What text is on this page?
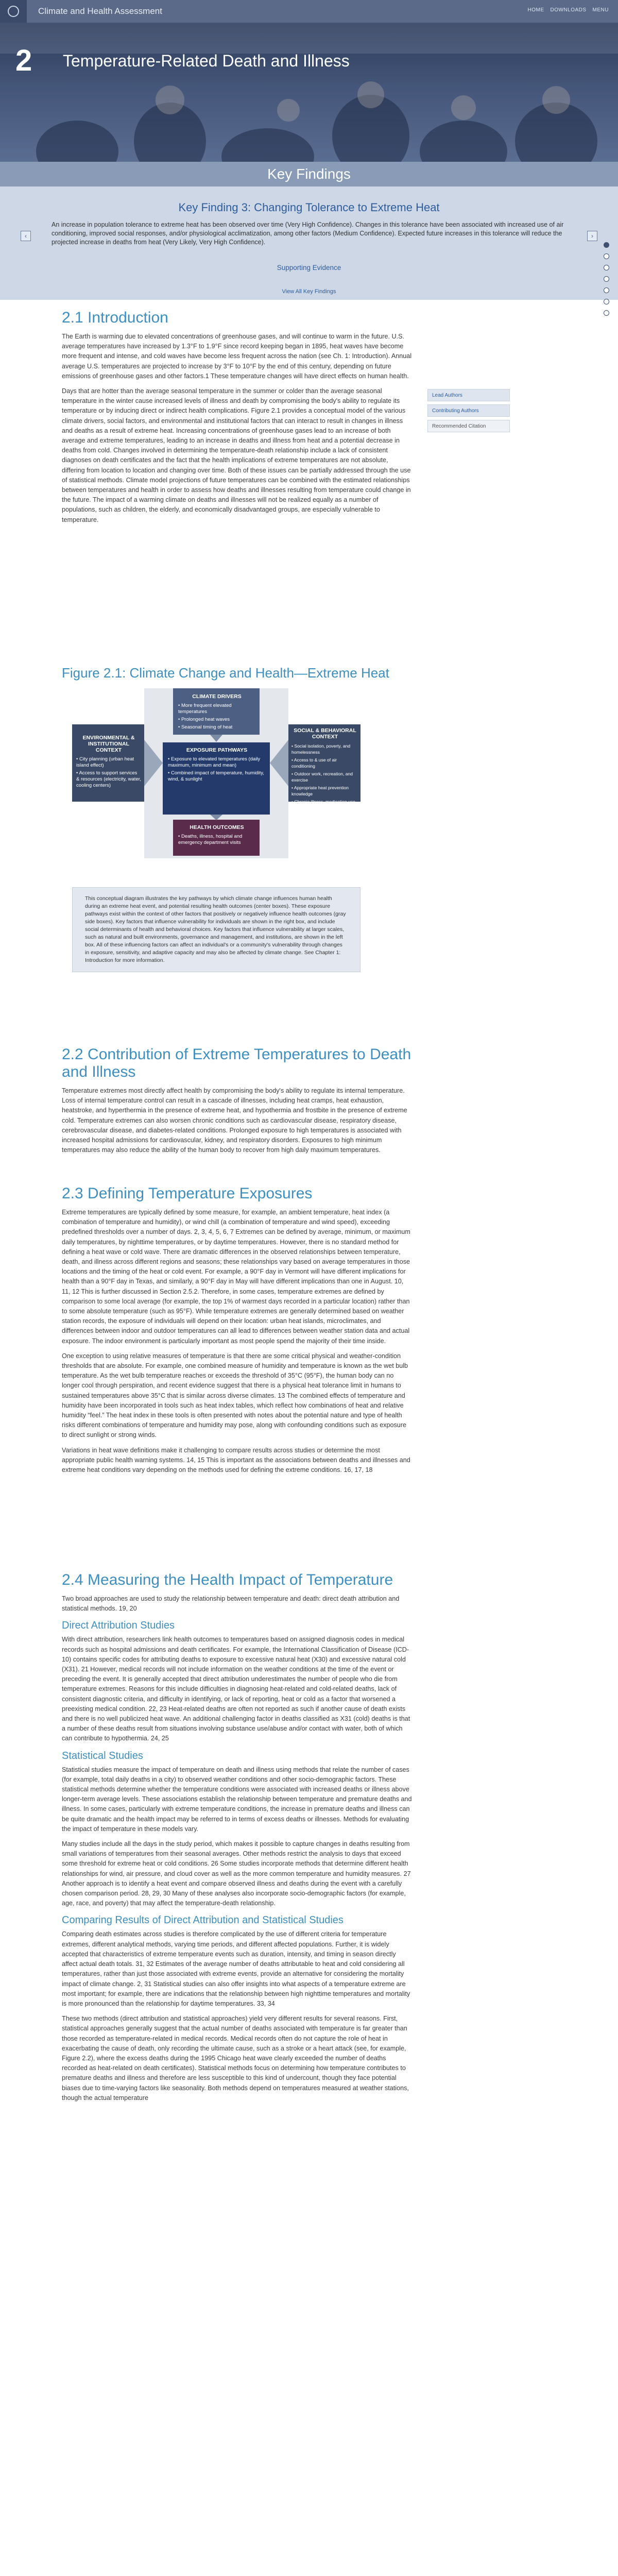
Climate and Health Assessment	HOME DOWNLOADS MENU
2 Temperature-Related Death and Illness
Key Findings
Key Finding 3: Changing Tolerance to Extreme Heat
‹
An increase in population tolerance to extreme heat has been observed over time (Very High Confidence). Changes in this tolerance have been associated with increased use of air conditioning, improved social responses, and/or physiological acclimatization, among other factors (Medium Confidence). Expected future increases in this tolerance will reduce the projected increase in deaths from heat (Very Likely, Very High Confidence).
›
Supporting Evidence
View All Key Findings
Lead Authors
Contributing Authors
Recommended Citation
2.1 Introduction

The Earth is warming due to elevated concentrations of greenhouse gases, and will continue to warm in the future. U.S. average temperatures have increased by 1.3°F to 1.9°F since record keeping began in 1895, heat waves have become more frequent and intense, and cold waves have become less frequent across the nation (see Ch. 1: Introduction). Annual average U.S. temperatures are projected to increase by 3°F to 10°F by the end of this century, depending on future emissions of greenhouse gases and other factors.1 These temperature changes will have direct effects on human health.

Days that are hotter than the average seasonal temperature in the summer or colder than the average seasonal temperature in the winter cause increased levels of illness and death by compromising the body's ability to regulate its temperature or by inducing direct or indirect health complications. Figure 2.1 provides a conceptual model of the various climate drivers, social factors, and environmental and institutional factors that can interact to result in changes in illness and deaths as a result of extreme heat. Increasing concentrations of greenhouse gases lead to an increase of both average and extreme temperatures, leading to an increase in deaths and illness from heat and a potential decrease in deaths from cold. Changes involved in determining the temperature-death relationship include a lack of consistent diagnoses on death certificates and the fact that the health implications of extreme temperatures are not absolute, differing from location to location and changing over time. Both of these issues can be partially addressed through the use of statistical methods. Climate model projections of future temperatures can be combined with the estimated relationships between temperatures and health in order to assess how deaths and illnesses resulting from temperature could change in the future. The impact of a warming climate on deaths and illnesses will not be realized equally as a number of populations, such as children, the elderly, and economically disadvantaged groups, are especially vulnerable to temperature.

Figure 2.1: Climate Change and Health—Extreme Heat
CLIMATE DRIVERS
• More frequent elevated temperatures
• Prolonged heat waves
• Seasonal timing of heat
ENVIRONMENTAL & INSTITUTIONAL CONTEXT
• City planning (urban heat island effect)
• Access to support services & resources (electricity, water, cooling centers)
EXPOSURE PATHWAYS
• Exposure to elevated temperatures (daily maximum, minimum and mean)
• Combined impact of temperature, humidity, wind, & sunlight
SOCIAL & BEHAVIORAL CONTEXT
• Social isolation, poverty, and homelessness
• Access to & use of air conditioning
• Outdoor work, recreation, and exercise
• Appropriate heat prevention knowledge
• Chronic illness, medication use, or personal, physical, & cognitive constraints
HEALTH OUTCOMES
• Deaths, illness, hospital and emergency department visits
This conceptual diagram illustrates the key pathways by which climate change influences human health during an extreme heat event, and potential resulting health outcomes (center boxes). These exposure pathways exist within the context of other factors that positively or negatively influence health outcomes (gray side boxes). Key factors that influence vulnerability for individuals are shown in the right box, and include social determinants of health and behavioral choices. Key factors that influence vulnerability at larger scales, such as natural and built environments, governance and management, and institutions, are shown in the left box. All of these influencing factors can affect an individual's or a community's vulnerability through changes in exposure, sensitivity, and adaptive capacity and may also be affected by climate change. See Chapter 1: Introduction for more information.
2.2 Contribution of Extreme Temperatures to Death and Illness

Temperature extremes most directly affect health by compromising the body's ability to regulate its internal temperature. Loss of internal temperature control can result in a cascade of illnesses, including heat cramps, heat exhaustion, heatstroke, and hyperthermia in the presence of extreme heat, and hypothermia and frostbite in the presence of extreme cold. Temperature extremes can also worsen chronic conditions such as cardiovascular disease, respiratory disease, cerebrovascular disease, and diabetes-related conditions. Prolonged exposure to high temperatures is associated with increased hospital admissions for cardiovascular, kidney, and respiratory disorders. Exposures to high minimum temperatures may also reduce the ability of the human body to recover from high daily maximum temperatures.

2.3 Defining Temperature Exposures

Extreme temperatures are typically defined by some measure, for example, an ambient temperature, heat index (a combination of temperature and humidity), or wind chill (a combination of temperature and wind speed), exceeding predefined thresholds over a number of days. 2, 3, 4, 5, 6, 7 Extremes can be defined by average, minimum, or maximum daily temperatures, by nighttime temperatures, or by daytime temperatures. However, there is no standard method for defining a heat wave or cold wave. There are dramatic differences in the observed relationships between temperature, death, and illness across different regions and seasons; these relationships vary based on average temperatures in those locations and the timing of the heat or cold event. For example, a 90°F day in Vermont will have different implications for health than a 90°F day in Texas, and similarly, a 90°F day in May will have different implications than one in August. 10, 11, 12 This is further discussed in Section 2.5.2. Therefore, in some cases, temperature extremes are defined by comparison to some local average (for example, the top 1% of warmest days recorded in a particular location) rather than to some absolute temperature (such as 95°F). While temperature extremes are generally determined based on weather station records, the exposure of individuals will depend on their location: urban heat islands, microclimates, and differences between indoor and outdoor temperatures can all lead to differences between weather station data and actual exposure. The indoor environment is particularly important as most people spend the majority of their time inside.

One exception to using relative measures of temperature is that there are some critical physical and weather-condition thresholds that are absolute. For example, one combined measure of humidity and temperature is known as the wet bulb temperature. As the wet bulb temperature reaches or exceeds the threshold of 35°C (95°F), the human body can no longer cool through perspiration, and recent evidence suggest that there is a physical heat tolerance limit in humans to sustained temperatures above 35°C that is similar across diverse climates. 13 The combined effects of temperature and humidity have been incorporated in tools such as heat index tables, which reflect how combinations of heat and relative humidity “feel.” The heat index in these tools is often presented with notes about the potential nature and type of health risks different combinations of temperature and humidity may pose, along with confounding conditions such as exposure to direct sunlight or strong winds.

Variations in heat wave definitions make it challenging to compare results across studies or determine the most appropriate public health warning systems. 14, 15 This is important as the associations between deaths and illnesses and extreme heat conditions vary depending on the methods used for defining the extreme conditions. 16, 17, 18

2.4 Measuring the Health Impact of Temperature

Two broad approaches are used to study the relationship between temperature and death: direct death attribution and statistical methods. 19, 20

Direct Attribution Studies

With direct attribution, researchers link health outcomes to temperatures based on assigned diagnosis codes in medical records such as hospital admissions and death certificates. For example, the International Classification of Disease (ICD-10) contains specific codes for attributing deaths to exposure to excessive natural heat (X30) and excessive natural cold (X31). 21 However, medical records will not include information on the weather conditions at the time of the event or preceding the event. It is generally accepted that direct attribution underestimates the number of people who die from temperature extremes. Reasons for this include difficulties in diagnosing heat-related and cold-related deaths, lack of consistent diagnostic criteria, and difficulty in identifying, or lack of reporting, heat or cold as a factor that worsened a preexisting medical condition. 22, 23 Heat-related deaths are often not reported as such if another cause of death exists and there is no well publicized heat wave. An additional challenging factor in deaths classified as X31 (cold) deaths is that a number of these deaths result from situations involving substance use/abuse and/or contact with water, both of which can contribute to hypothermia. 24, 25

Statistical Studies

Statistical studies measure the impact of temperature on death and illness using methods that relate the number of cases (for example, total daily deaths in a city) to observed weather conditions and other socio-demographic factors. These statistical methods determine whether the temperature conditions were associated with increased deaths or illness above longer-term average levels. These associations establish the relationship between temperature and premature deaths and illness. In some cases, particularly with extreme temperature conditions, the increase in premature deaths and illness can be quite dramatic and the health impact may be referred to in terms of excess deaths or illnesses. Methods for evaluating the impact of temperature in these models vary.

Many studies include all the days in the study period, which makes it possible to capture changes in deaths resulting from small variations of temperatures from their seasonal averages. Other methods restrict the analysis to days that exceed some threshold for extreme heat or cold conditions. 26 Some studies incorporate methods that determine different health relationships for wind, air pressure, and cloud cover as well as the more common temperature and humidity measures. 27 Another approach is to identify a heat event and compare observed illness and deaths during the event with a carefully chosen comparison period. 28, 29, 30 Many of these analyses also incorporate socio-demographic factors (for example, age, race, and poverty) that may affect the temperature-death relationship.

Comparing Results of Direct Attribution and Statistical Studies

Comparing death estimates across studies is therefore complicated by the use of different criteria for temperature extremes, different analytical methods, varying time periods, and different affected populations. Further, it is widely accepted that characteristics of extreme temperature events such as duration, intensity, and timing in season directly affect actual death totals. 31, 32 Estimates of the average number of deaths attributable to heat and cold considering all temperatures, rather than just those associated with extreme events, provide an alternative for considering the mortality impact of climate change. 2, 31 Statistical studies can also offer insights into what aspects of a temperature extreme are most important; for example, there are indications that the relationship between high nighttime temperatures and mortality is more pronounced than the relationship for daytime temperatures. 33, 34

These two methods (direct attribution and statistical approaches) yield very different results for several reasons. First, statistical approaches generally suggest that the actual number of deaths associated with temperature is far greater than those recorded as temperature-related in medical records. Medical records often do not capture the role of heat in exacerbating the cause of death, only recording the ultimate cause, such as a stroke or a heart attack (see, for example, Figure 2.2), where the excess deaths during the 1995 Chicago heat wave clearly exceeded the number of deaths recorded as heat-related on death certificates). Statistical methods focus on determining how temperature contributes to premature deaths and illness and therefore are less susceptible to this kind of undercount, though they face potential biases due to time-varying factors like seasonality. Both methods depend on temperatures measured at weather stations, though the actual temperature
